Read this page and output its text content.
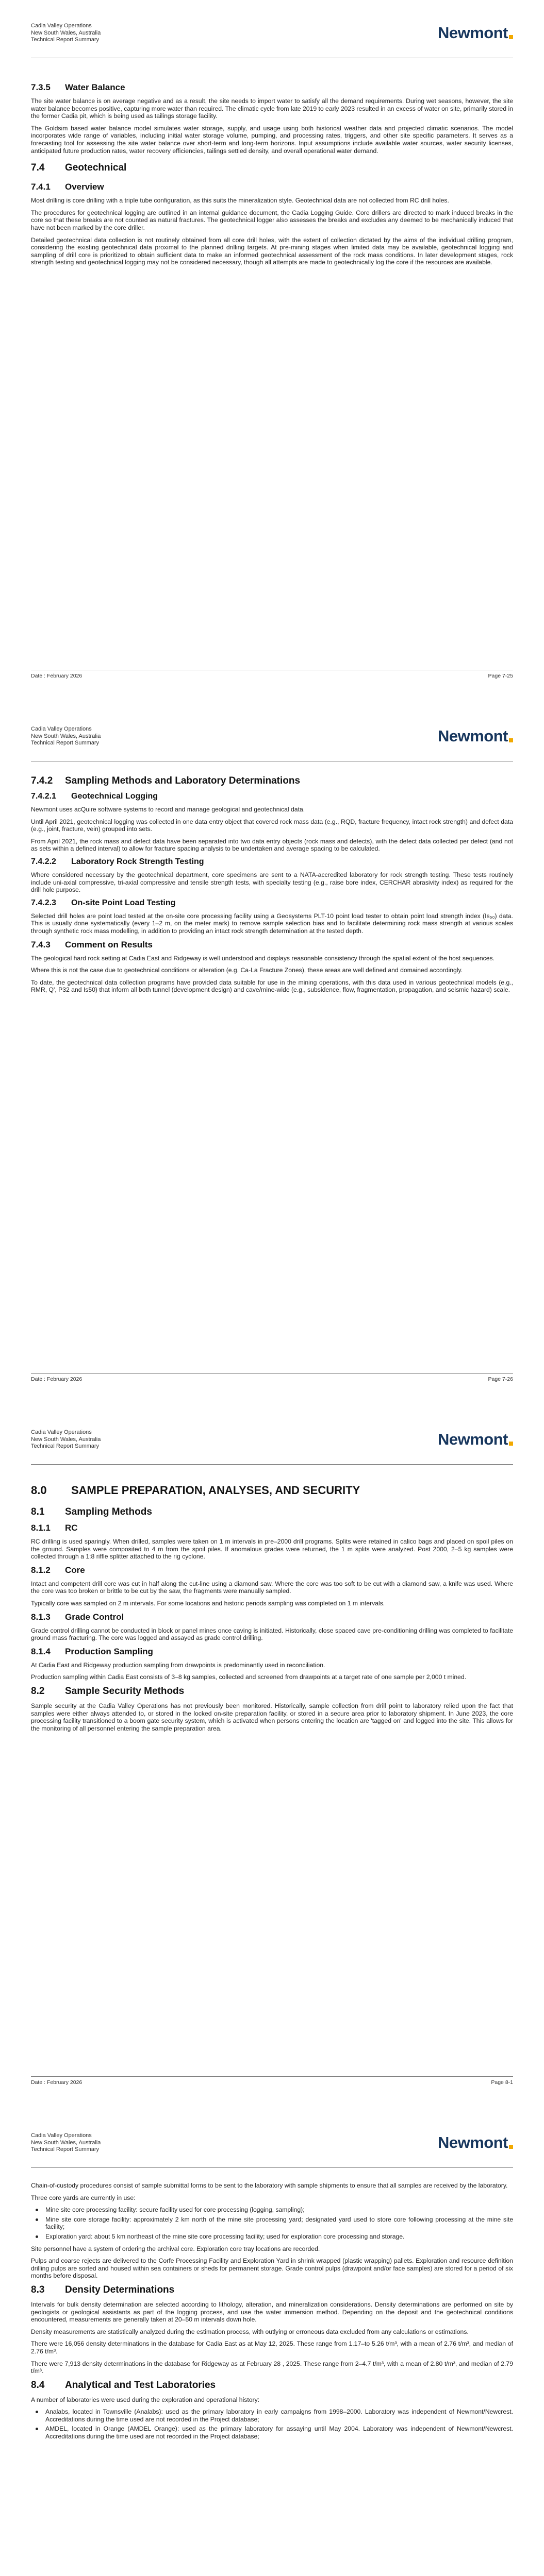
Cadia Valley Operations
New South Wales, Australia
Technical Report Summary	Newmont
7.3.5 Water Balance

The site water balance is on average negative and as a result, the site needs to import water to satisfy all the demand requirements. During wet seasons, however, the site water balance becomes positive, capturing more water than required. The climatic cycle from late 2019 to early 2023 resulted in an excess of water on site, primarily stored in the former Cadia pit, which is being used as tailings storage facility.

The Goldsim based water balance model simulates water storage, supply, and usage using both historical weather data and projected climatic scenarios. The model incorporates wide range of variables, including initial water storage volume, pumping, and processing rates, triggers, and other site specific parameters. It serves as a forecasting tool for assessing the site water balance over short-term and long-term horizons. Input assumptions include available water sources, water security licenses, anticipated future production rates, water recovery efficiencies, tailings settled density, and overall operational water demand.

7.4 Geotechnical
7.4.1 Overview

Most drilling is core drilling with a triple tube configuration, as this suits the mineralization style. Geotechnical data are not collected from RC drill holes.

The procedures for geotechnical logging are outlined in an internal guidance document, the Cadia Logging Guide. Core drillers are directed to mark induced breaks in the core so that these breaks are not counted as natural fractures. The geotechnical logger also assesses the breaks and excludes any deemed to be mechanically induced that have not been marked by the core driller.

Detailed geotechnical data collection is not routinely obtained from all core drill holes, with the extent of collection dictated by the aims of the individual drilling program, considering the existing geotechnical data proximal to the planned drilling targets. At pre-mining stages when limited data may be available, geotechnical logging and sampling of drill core is prioritized to obtain sufficient data to make an informed geotechnical assessment of the rock mass conditions. In later development stages, rock strength testing and geotechnical logging may not be considered necessary, though all attempts are made to geotechnically log the core if the resources are available.

Date : February 2026	Page 7-25
Cadia Valley Operations
New South Wales, Australia
Technical Report Summary	Newmont
7.4.2 Sampling Methods and Laboratory Determinations
7.4.2.1 Geotechnical Logging

Newmont uses acQuire software systems to record and manage geological and geotechnical data.

Until April 2021, geotechnical logging was collected in one data entry object that covered rock mass data (e.g., RQD, fracture frequency, intact rock strength) and defect data (e.g., joint, fracture, vein) grouped into sets.

From April 2021, the rock mass and defect data have been separated into two data entry objects (rock mass and defects), with the defect data collected per defect (and not as sets within a defined interval) to allow for fracture spacing analysis to be undertaken and average spacing to be calculated.

7.4.2.2 Laboratory Rock Strength Testing

Where considered necessary by the geotechnical department, core specimens are sent to a NATA-accredited laboratory for rock strength testing. These tests routinely include uni-axial compressive, tri-axial compressive and tensile strength tests, with specialty testing (e.g., raise bore index, CERCHAR abrasivity index) as required for the drill hole purpose.

7.4.2.3 On-site Point Load Testing

Selected drill holes are point load tested at the on-site core processing facility using a Geosystems PLT-10 point load tester to obtain point load strength index (Is₅₀) data. This is usually done systematically (every 1–2 m, on the meter mark) to remove sample selection bias and to facilitate determining rock mass strength at various scales through synthetic rock mass modelling, in addition to providing an intact rock strength determination at the tested depth.

7.4.3 Comment on Results

The geological hard rock setting at Cadia East and Ridgeway is well understood and displays reasonable consistency through the spatial extent of the host sequences.

Where this is not the case due to geotechnical conditions or alteration (e.g. Ca-La Fracture Zones), these areas are well defined and domained accordingly.

To date, the geotechnical data collection programs have provided data suitable for use in the mining operations, with this data used in various geotechnical models (e.g., RMR, Q', P32 and Is50) that inform all both tunnel (development design) and cave/mine-wide (e.g., subsidence, flow, fragmentation, propagation, and seismic hazard) scale.

Date : February 2026	Page 7-26
Cadia Valley Operations
New South Wales, Australia
Technical Report Summary	Newmont
8.0 SAMPLE PREPARATION, ANALYSES, AND SECURITY
8.1 Sampling Methods
8.1.1 RC

RC drilling is used sparingly. When drilled, samples were taken on 1 m intervals in pre–2000 drill programs. Splits were retained in calico bags and placed on spoil piles on the ground. Samples were composited to 4 m from the spoil piles. If anomalous grades were returned, the 1 m splits were analyzed. Post 2000, 2–5 kg samples were collected through a 1:8 riffle splitter attached to the rig cyclone.

8.1.2 Core

Intact and competent drill core was cut in half along the cut-line using a diamond saw. Where the core was too soft to be cut with a diamond saw, a knife was used. Where the core was too broken or brittle to be cut by the saw, the fragments were manually sampled.

Typically core was sampled on 2 m intervals. For some locations and historic periods sampling was completed on 1 m intervals.

8.1.3 Grade Control

Grade control drilling cannot be conducted in block or panel mines once caving is initiated. Historically, close spaced cave pre-conditioning drilling was completed to facilitate ground mass fracturing. The core was logged and assayed as grade control drilling.

8.1.4 Production Sampling

At Cadia East and Ridgeway production sampling from drawpoints is predominantly used in reconciliation.

Production sampling within Cadia East consists of 3–8 kg samples, collected and screened from drawpoints at a target rate of one sample per 2,000 t mined.

8.2 Sample Security Methods

Sample security at the Cadia Valley Operations has not previously been monitored. Historically, sample collection from drill point to laboratory relied upon the fact that samples were either always attended to, or stored in the locked on-site preparation facility, or stored in a secure area prior to laboratory shipment. In June 2023, the core processing facility transitioned to a boom gate security system, which is activated when persons entering the location are 'tagged on' and logged into the site. This allows for the monitoring of all personnel entering the sample preparation area.

Date : February 2026	Page 8-1
Cadia Valley Operations
New South Wales, Australia
Technical Report Summary	Newmont

Chain-of-custody procedures consist of sample submittal forms to be sent to the laboratory with sample shipments to ensure that all samples are received by the laboratory.

Three core yards are currently in use:

Mine site core processing facility: secure facility used for core processing (logging, sampling);
Mine site core storage facility: approximately 2 km north of the mine site processing yard; designated yard used to store core following processing at the mine site facility;
Exploration yard: about 5 km northeast of the mine site core processing facility; used for exploration core processing and storage.

Site personnel have a system of ordering the archival core. Exploration core tray locations are recorded.

Pulps and coarse rejects are delivered to the Corfe Processing Facility and Exploration Yard in shrink wrapped (plastic wrapping) pallets. Exploration and resource definition drilling pulps are sorted and housed within sea containers or sheds for permanent storage. Grade control pulps (drawpoint and/or face samples) are stored for a period of six months before disposal.

8.3 Density Determinations

Intervals for bulk density determination are selected according to lithology, alteration, and mineralization considerations. Density determinations are performed on site by geologists or geological assistants as part of the logging process, and use the water immersion method. Depending on the deposit and the geotechnical conditions encountered, measurements are generally taken at 20–50 m intervals down hole.

Density measurements are statistically analyzed during the estimation process, with outlying or erroneous data excluded from any calculations or estimations.

There were 16,056 density determinations in the database for Cadia East as at May 12, 2025. These range from 1.17–to 5.26 t/m³, with a mean of 2.76 t/m³, and median of 2.76 t/m³.

There were 7,913 density determinations in the database for Ridgeway as at February 28 , 2025. These range from 2–4.7 t/m³, with a mean of 2.80 t/m³, and median of 2.79 t/m³.

8.4 Analytical and Test Laboratories

A number of laboratories were used during the exploration and operational history:

Analabs, located in Townsville (Analabs): used as the primary laboratory in early campaigns from 1998–2000. Laboratory was independent of Newmont/Newcrest. Accreditations during the time used are not recorded in the Project database;
AMDEL, located in Orange (AMDEL Orange): used as the primary laboratory for assaying until May 2004. Laboratory was independent of Newmont/Newcrest. Accreditations during the time used are not recorded in the Project database;
